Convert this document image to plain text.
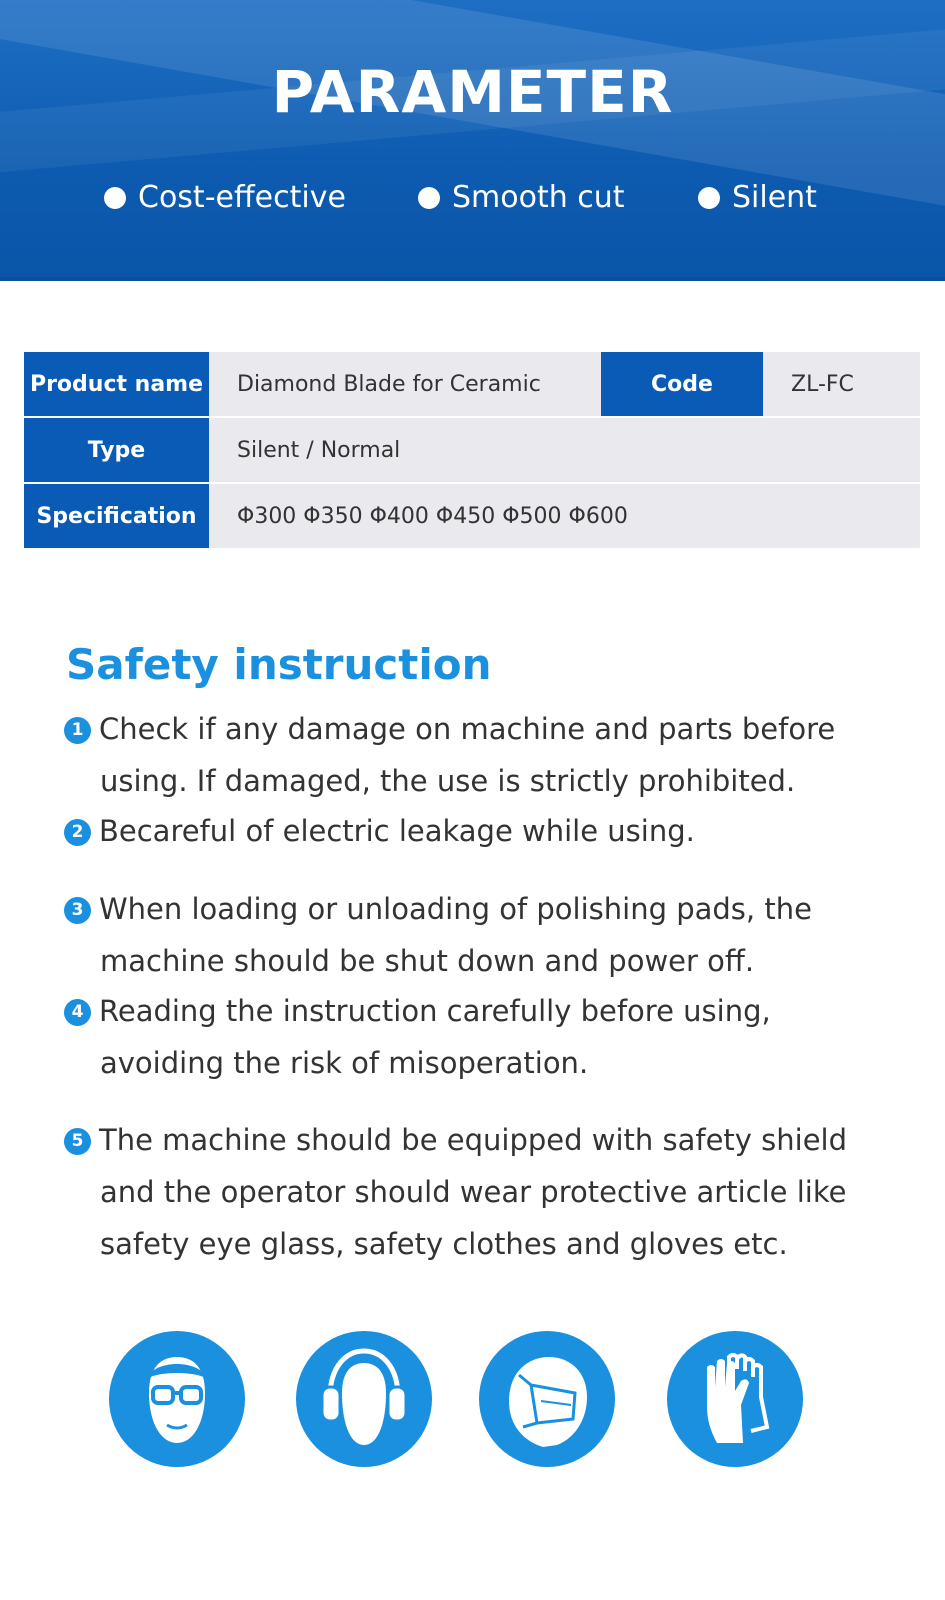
PARAMETER
Cost-effective	Smooth cut	Silent
Product name	Diamond Blade for Ceramic	Code	ZL-FC
Type	Silent / Normal
Specification	Φ300 Φ350 Φ400 Φ450 Φ500 Φ600
Safety instruction
1 Check if any damage on machine and parts before
using. If damaged, the use is strictly prohibited.
2 Becareful of electric leakage while using.
3 When loading or unloading of polishing pads, the
machine should be shut down and power off.
4 Reading the instruction carefully before using,
avoiding the risk of misoperation.
5 The machine should be equipped with safety shield
and the operator should wear protective article like
safety eye glass, safety clothes and gloves etc.
